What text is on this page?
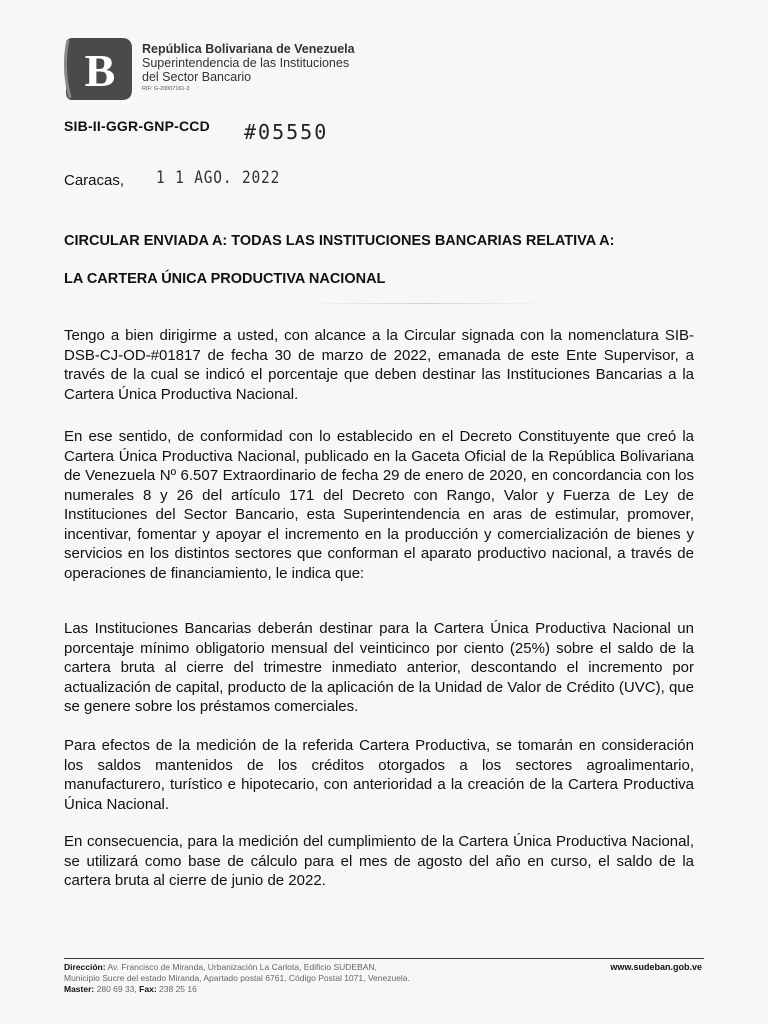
B República Bolivariana de Venezuela
Superintendencia de las Instituciones
del Sector Bancario
RIF: G-20007161-3
SIB-II-GGR-GNP-CCD #05550
Caracas, 1 1 AGO. 2022
CIRCULAR ENVIADA A: TODAS LAS INSTITUCIONES BANCARIAS RELATIVA A:
LA CARTERA ÚNICA PRODUCTIVA NACIONAL
Tengo a bien dirigirme a usted, con alcance a la Circular signada con la nomenclatura SIB-DSB-CJ-OD-#01817 de fecha 30 de marzo de 2022, emanada de este Ente Supervisor, a través de la cual se indicó el porcentaje que deben destinar las Instituciones Bancarias a la Cartera Única Productiva Nacional.
En ese sentido, de conformidad con lo establecido en el Decreto Constituyente que creó la Cartera Única Productiva Nacional, publicado en la Gaceta Oficial de la República Bolivariana de Venezuela Nº 6.507 Extraordinario de fecha 29 de enero de 2020, en concordancia con los numerales 8 y 26 del artículo 171 del Decreto con Rango, Valor y Fuerza de Ley de Instituciones del Sector Bancario, esta Superintendencia en aras de estimular, promover, incentivar, fomentar y apoyar el incremento en la producción y comercialización de bienes y servicios en los distintos sectores que conforman el aparato productivo nacional, a través de operaciones de financiamiento, le indica que:
Las Instituciones Bancarias deberán destinar para la Cartera Única Productiva Nacional un porcentaje mínimo obligatorio mensual del veinticinco por ciento (25%) sobre el saldo de la cartera bruta al cierre del trimestre inmediato anterior, descontando el incremento por actualización de capital, producto de la aplicación de la Unidad de Valor de Crédito (UVC), que se genere sobre los préstamos comerciales.
Para efectos de la medición de la referida Cartera Productiva, se tomarán en consideración los saldos mantenidos de los créditos otorgados a los sectores agroalimentario, manufacturero, turístico e hipotecario, con anterioridad a la creación de la Cartera Productiva Única Nacional.
En consecuencia, para la medición del cumplimiento de la Cartera Única Productiva Nacional, se utilizará como base de cálculo para el mes de agosto del año en curso, el saldo de la cartera bruta al cierre de junio de 2022.
Dirección: Av. Francisco de Miranda, Urbanización La Carlota, Edificio SUDEBAN,
Municipio Sucre del estado Miranda, Apartado postal 6761, Código Postal 1071, Venezuela.
Master: 280 69 33, Fax: 238 25 16
www.sudeban.gob.ve
